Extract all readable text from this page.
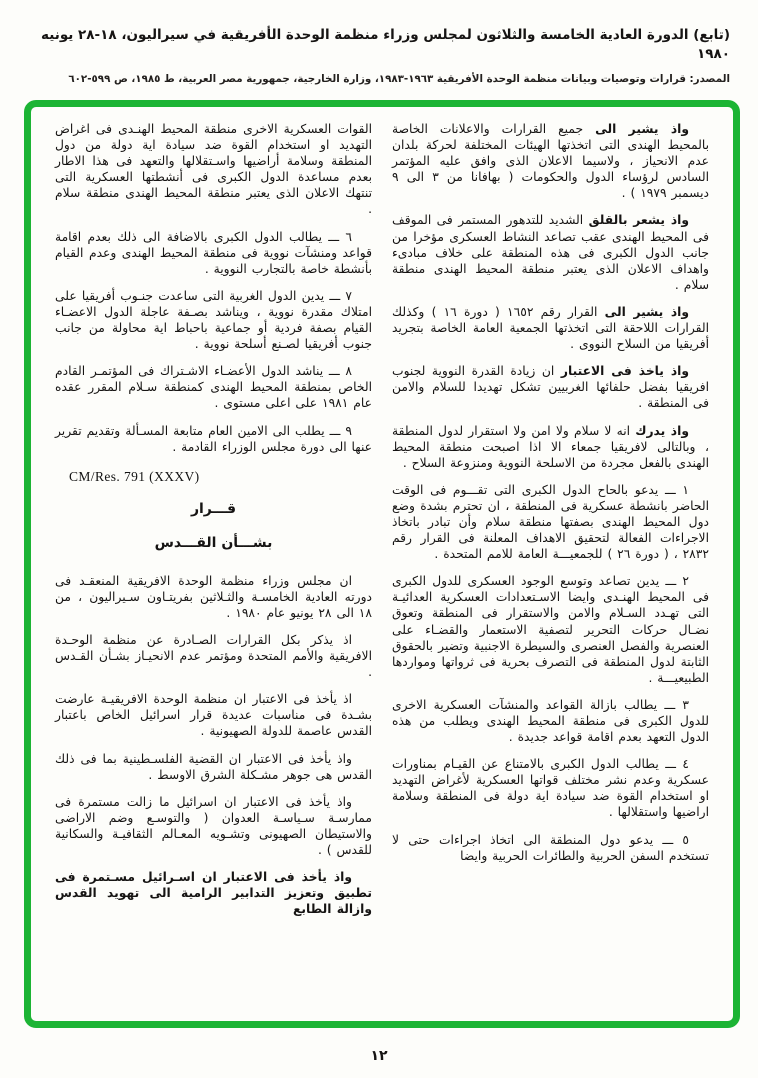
(تابع) الدورة العادية الخامسة والثلاثون لمجلس وزراء منظمة الوحدة الأفريقية في سيراليون، ١٨-٢٨ يونيه ١٩٨٠
المصدر: قرارات وتوصيات وبيانات منظمة الوحدة الأفريقية ١٩٦٣-١٩٨٣، وزارة الخارجية، جمهورية مصر العربية، ط ١٩٨٥، ص ٥٩٩-٦٠٢

واذ يشير الى جميع القرارات والاعلانات الخاصة بالمحيط الهندى التى اتخذتها الهيئات المختلفة لحركة بلدان عدم الانحياز ، ولاسيما الاعلان الذى وافق عليه المؤتمر السادس لرؤساء الدول والحكومات ( بهافانا من ٣ الى ٩ ديسمبر ١٩٧٩ ) .

واذ يشعر بالقلق الشديد للتدهور المستمر فى الموقف فى المحيط الهندى عقب تصاعد النشاط العسكرى مؤخرا من جانب الدول الكبرى فى هذه المنطقة على خلاف مبادىء واهداف الاعلان الذى يعتبر منطقة المحيط الهندى منطقة سلام .

واذ يشير الى القرار رقم ١٦٥٢ ( دورة ١٦ ) وكذلك القرارات اللاحقة التى اتخذتها الجمعية العامة الخاصة بتجريد أفريقيا من السلاح النووى .

واذ ياخذ فى الاعتبار ان زيادة القدرة النووية لجنوب افريقيا بفضل حلفائها الغربيين تشكل تهديدا للسلام والامن فى المنطقة .

واذ يدرك انه لا سلام ولا امن ولا استقرار لدول المنطقة ، وبالتالى لافريقيا جمعاء الا اذا اصبحت منطقة المحيط الهندى بالفعل مجردة من الاسلحة النووية ومنزوعة السلاح .

١ ـــ يدعو بالحاح الدول الكبرى التى تقـــوم فى الوقت الحاضر بانشطة عسكرية فى المنطقة ، ان تحترم بشدة وضع دول المحيط الهندى بصفتها منطقة سلام وأن تبادر باتخاذ الاجراءات الفعالة لتحقيق الاهداف المعلنة فى القرار رقم ٢٨٣٢ ، ( دورة ٢٦ ) للجمعيـــة العامة للامم المتحدة .

٢ ـــ يدين تصاعد وتوسع الوجود العسكرى للدول الكبرى فى المحيط الهنـدى وايضا الاسـتعدادات العسكرية العدائيـة التى تهـدد السـلام والامن والاستقرار فى المنطقة وتعوق نضـال حركات التحرير لتصفية الاستعمار والقضـاء على العنصرية والفصل العنصرى والسيطرة الاجنبية وتضير بالحقوق الثابتة لدول المنطقة فى التصرف بحرية فى ثرواتها ومواردها الطبيعيـــة .

٣ ـــ يطالب بازالة القواعد والمنشآت العسكرية الاخرى للدول الكبرى فى منطقة المحيط الهندى ويطلب من هذه الدول التعهد بعدم اقامة قواعد جديدة .

٤ ـــ يطالب الدول الكبرى بالامتناع عن القيـام بمناورات عسكرية وعدم نشر مختلف قواتها العسكرية لأغراض التهديد او استخدام القوة ضد سيادة اية دولة فى المنطقة وسلامة اراضيها واستقلالها .

٥ ـــ يدعو دول المنطقة الى اتخاذ اجراءات حتى لا تستخدم السفن الحربية والطائرات الحربية وايضا

القوات العسكرية الاخرى منطقة المحيط الهنـدى فى اغراض التهديد او استخدام القوة ضد سيادة اية دولة من دول المنطقة وسلامة أراضيها واسـتقلالها والتعهد فى هذا الاطار بعدم مساعدة الدول الكبرى فى أنشطتها العسكرية التى تنتهك الاعلان الذى يعتبر منطقة المحيط الهندى منطقة سلام .

٦ ـــ يطالب الدول الكبرى بالاضافة الى ذلك بعدم اقامة قواعد ومنشآت نووية فى منطقة المحيط الهندى وعدم القيام بأنشطة خاصة بالتجارب النووية .

٧ ـــ يدين الدول الغربية التى ساعدت جنـوب أفريقيا على امتلاك مقدرة نووية ، ويناشد بصـفة عاجلة الدول الاعضـاء القيام بصفة فردية أو جماعية باحباط اية محاولة من جانب جنوب أفريقيا لصـنع أسلحة نووية .

٨ ـــ يناشد الدول الأعضـاء الاشـتراك فى المؤتمـر القادم الخاص بمنطقة المحيط الهندى كمنطقة سـلام المقرر عقده عام ١٩٨١ على اعلى مستوى .

٩ ـــ يطلب الى الامين العام متابعة المسـألة وتقديم تقرير عنها الى دورة مجلس الوزراء القادمة .

CM/Res. 791 (XXXV)
قـــرار
بشـــأن القـــدس

ان مجلس وزراء منظمة الوحدة الافريقية المنعقـد فى دورته العادية الخامسـة والثـلاثين بفريتـاون سـيراليون ، من ١٨ الى ٢٨ يونيو عام ١٩٨٠ .

اذ يذكر بكل القرارات الصـادرة عن منظمة الوحـدة الافريقية والأمم المتحدة ومؤتمر عدم الانحيـاز بشـأن القـدس .

اذ يأخذ فى الاعتبار ان منظمة الوحدة الافريقيـة عارضت بشـدة فى مناسبات عديدة قرار اسرائيل الخاص باعتبار القدس عاصمة للدولة الصهيونية .

واذ يأخذ فى الاعتبار ان القضية الفلسـطينية بما فى ذلك القدس هى جوهر مشـكلة الشرق الاوسط .

واذ يأخذ فى الاعتبار ان اسرائيل ما زالت مستمرة فى ممارسـة سـياسـة العدوان ( والتوسـع وضم الاراضى والاستيطان الصهيونى وتشـويه المعـالم الثقافيـة والسكانية للقدس ) .

واذ يأخذ فى الاعتبار ان اسـرائيل مسـتمرة فى تطبيق وتعزيز التدابير الرامية الى تهويد القدس وازالة الطابع

١٢
